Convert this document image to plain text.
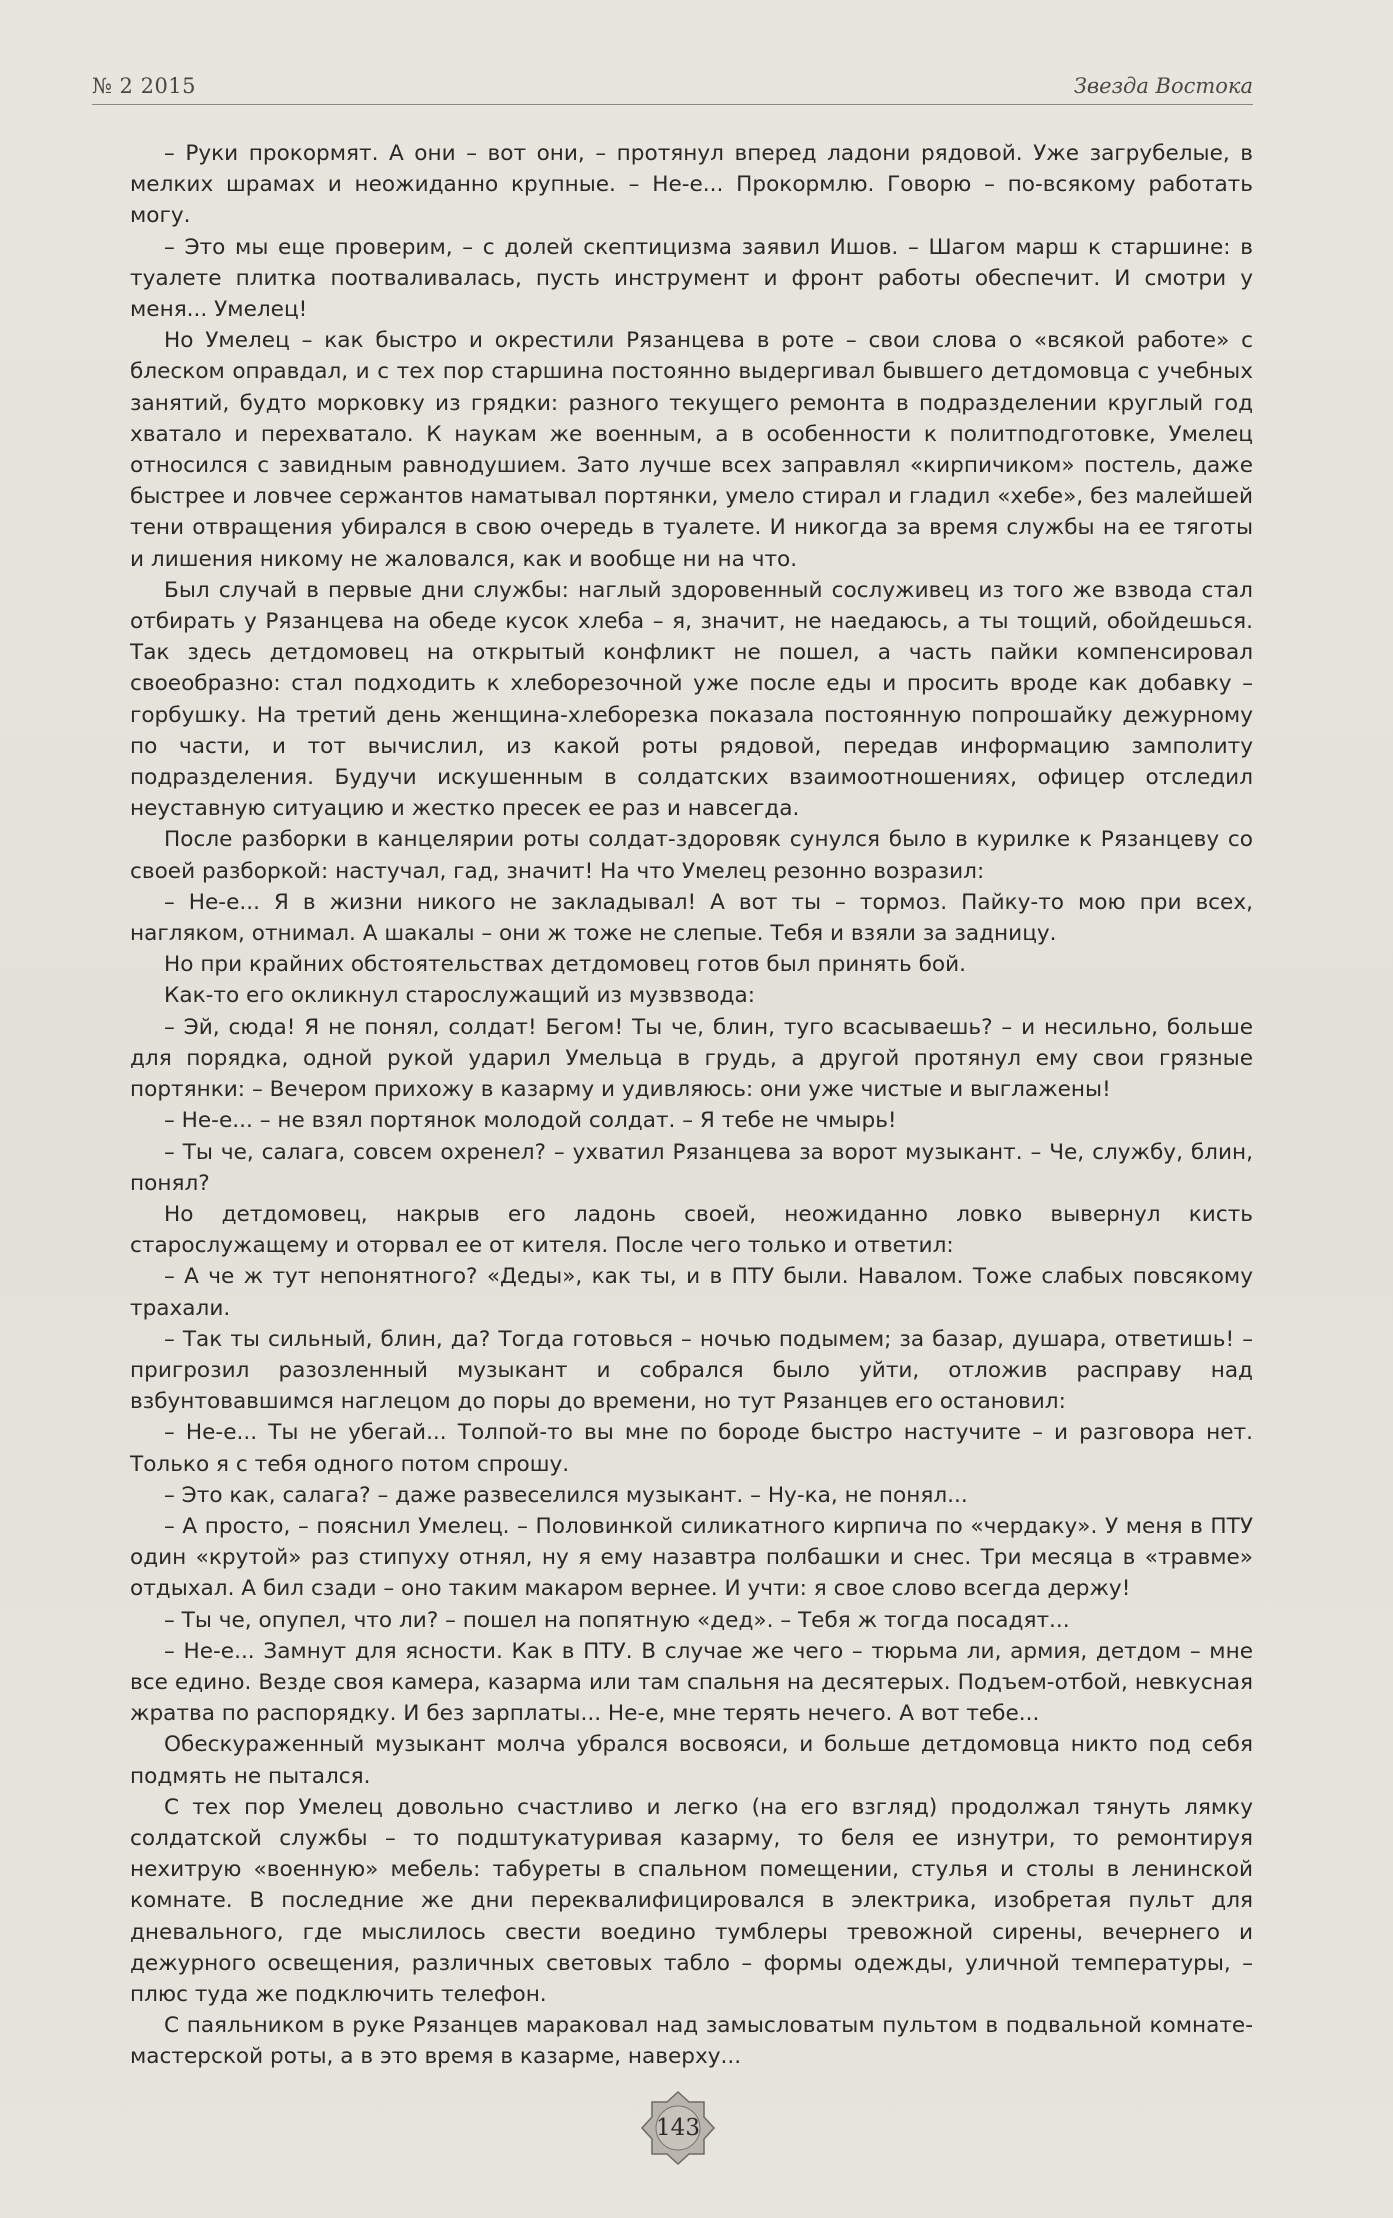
№ 2 2015	Звезда Востока

– Руки прокормят. А они – вот они, – протянул вперед ладони рядовой. Уже загрубелые, в мелких шрамах и неожиданно крупные. – Не-е... Прокормлю. Говорю – по-всякому работать могу.

– Это мы еще проверим, – с долей скептицизма заявил Ишов. – Шагом марш к старшине: в туалете плитка поотваливалась, пусть инструмент и фронт работы обеспечит. И смотри у меня... Умелец!

Но Умелец – как быстро и окрестили Рязанцева в роте – свои слова о «всякой работе» с блеском оправдал, и с тех пор старшина постоянно выдергивал бывшего детдомовца с учебных занятий, будто морковку из грядки: разного текущего ремонта в подразделении круглый год хватало и перехватало. К наукам же военным, а в особенности к политподготовке, Умелец относился с завидным равнодушием. Зато лучше всех заправлял «кирпичиком» постель, даже быстрее и ловчее сержантов наматывал портянки, умело стирал и гладил «хебе», без малейшей тени отвращения убирался в свою очередь в туалете. И никогда за время службы на ее тяготы и лишения никому не жаловался, как и вообще ни на что.

Был случай в первые дни службы: наглый здоровенный сослуживец из того же взвода стал отбирать у Рязанцева на обеде кусок хлеба – я, значит, не наедаюсь, а ты тощий, обойдешься. Так здесь детдомовец на открытый конфликт не пошел, а часть пайки компенсировал своеобразно: стал подходить к хлеборезочной уже после еды и просить вроде как добавку – горбушку. На третий день женщина-хлеборезка показала постоянную попрошайку дежурному по части, и тот вычислил, из какой роты рядовой, передав информацию замполиту подразделения. Будучи искушенным в солдатских взаимоотношениях, офицер отследил неуставную ситуацию и жестко пресек ее раз и навсегда.

После разборки в канцелярии роты солдат-здоровяк сунулся было в курилке к Рязанцеву со своей разборкой: настучал, гад, значит! На что Умелец резонно возразил:

– Не-е... Я в жизни никого не закладывал! А вот ты – тормоз. Пайку-то мою при всех, нагляком, отнимал. А шакалы – они ж тоже не слепые. Тебя и взяли за задницу.

Но при крайних обстоятельствах детдомовец готов был принять бой.

Как-то его окликнул старослужащий из музвзвода:

– Эй, сюда! Я не понял, солдат! Бегом! Ты че, блин, туго всасываешь? – и несильно, больше для порядка, одной рукой ударил Умельца в грудь, а другой протянул ему свои грязные портянки: – Вечером прихожу в казарму и удивляюсь: они уже чистые и выглажены!

– Не-е... – не взял портянок молодой солдат. – Я тебе не чмырь!

– Ты че, салага, совсем охренел? – ухватил Рязанцева за ворот музыкант. – Че, службу, блин, понял?

Но детдомовец, накрыв его ладонь своей, неожиданно ловко вывернул кисть старослужащему и оторвал ее от кителя. После чего только и ответил:

– А че ж тут непонятного? «Деды», как ты, и в ПТУ были. Навалом. Тоже слабых повсякому трахали.

– Так ты сильный, блин, да? Тогда готовься – ночью подымем; за базар, душара, ответишь! – пригрозил разозленный музыкант и собрался было уйти, отложив расправу над взбунтовавшимся наглецом до поры до времени, но тут Рязанцев его остановил:

– Не-е... Ты не убегай... Толпой-то вы мне по бороде быстро настучите – и разговора нет. Только я с тебя одного потом спрошу.

– Это как, салага? – даже развеселился музыкант. – Ну-ка, не понял...

– А просто, – пояснил Умелец. – Половинкой силикатного кирпича по «чердаку». У меня в ПТУ один «крутой» раз стипуху отнял, ну я ему назавтра полбашки и снес. Три месяца в «травме» отдыхал. А бил сзади – оно таким макаром вернее. И учти: я свое слово всегда держу!

– Ты че, опупел, что ли? – пошел на попятную «дед». – Тебя ж тогда посадят...

– Не-е... Замнут для ясности. Как в ПТУ. В случае же чего – тюрьма ли, армия, детдом – мне все едино. Везде своя камера, казарма или там спальня на десятерых. Подъем-отбой, невкусная жратва по распорядку. И без зарплаты... Не-е, мне терять нечего. А вот тебе...

Обескураженный музыкант молча убрался восвояси, и больше детдомовца никто под себя подмять не пытался.

С тех пор Умелец довольно счастливо и легко (на его взгляд) продолжал тянуть лямку солдатской службы – то подштукатуривая казарму, то беля ее изнутри, то ремонтируя нехитрую «военную» мебель: табуреты в спальном помещении, стулья и столы в ленинской комнате. В последние же дни переквалифицировался в электрика, изобретая пульт для дневального, где мыслилось свести воедино тумблеры тревожной сирены, вечернего и дежурного освещения, различных световых табло – формы одежды, уличной температуры, – плюс туда же подключить телефон.

С паяльником в руке Рязанцев мараковал над замысловатым пультом в подвальной комнате-мастерской роты, а в это время в казарме, наверху...

143
